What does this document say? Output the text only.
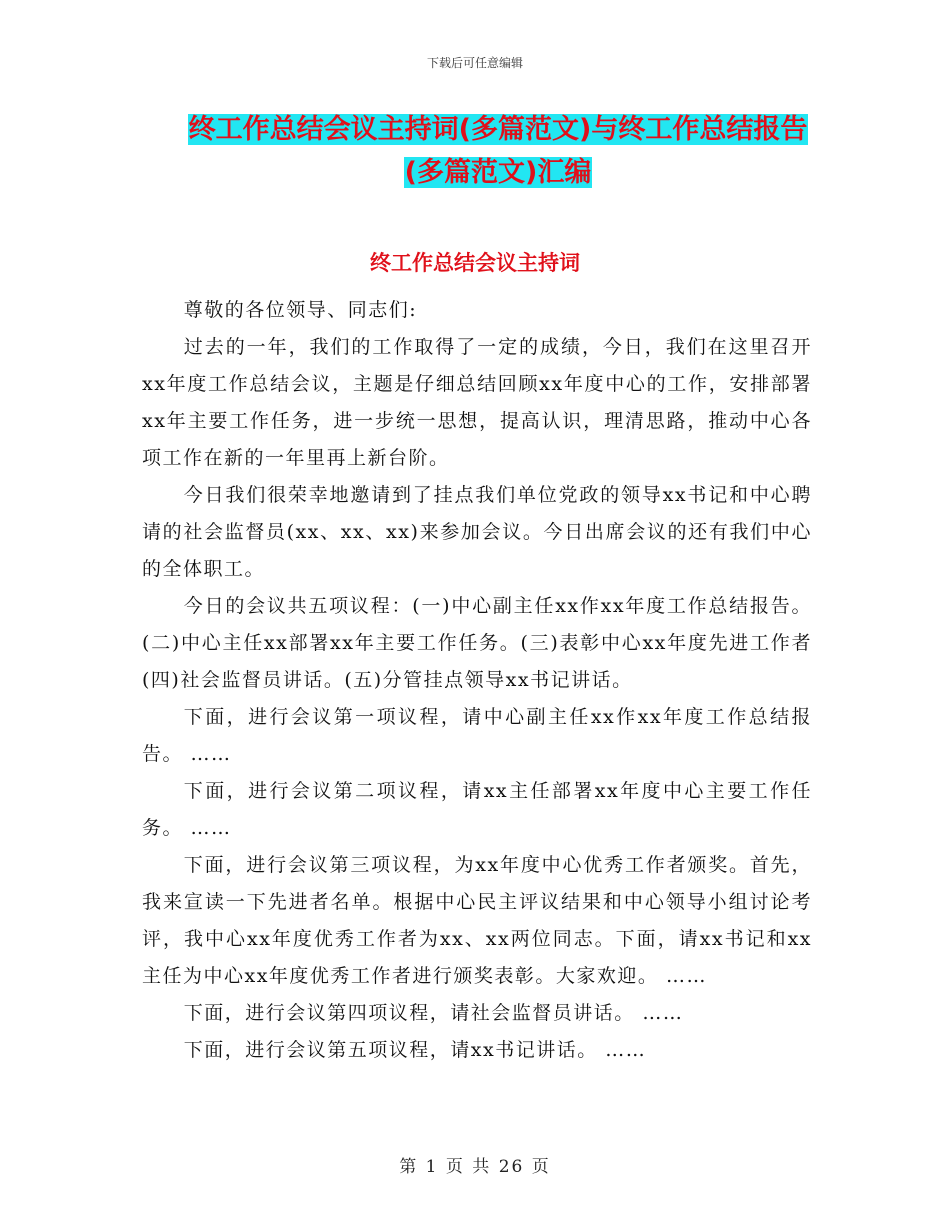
下载后可任意编辑
终工作总结会议主持词(多篇范文)与终工作总结报告
(多篇范文)汇编
终工作总结会议主持词

尊敬的各位领导、同志们:

过去的一年，我们的工作取得了一定的成绩，今日，我们在这里召开xx年度工作总结会议，主题是仔细总结回顾xx年度中心的工作，安排部署xx年主要工作任务，进一步统一思想，提高认识，理清思路，推动中心各项工作在新的一年里再上新台阶。

今日我们很荣幸地邀请到了挂点我们单位党政的领导xx书记和中心聘请的社会监督员(xx、xx、xx)来参加会议。今日出席会议的还有我们中心的全体职工。

今日的会议共五项议程：(一)中心副主任xx作xx年度工作总结报告。 (二)中心主任xx部署xx年主要工作任务。(三)表彰中心xx年度先进工作者(四)社会监督员讲话。(五)分管挂点领导xx书记讲话。

下面，进行会议第一项议程，请中心副主任xx作xx年度工作总结报告。 ……

下面，进行会议第二项议程，请xx主任部署xx年度中心主要工作任务。 ……

下面，进行会议第三项议程，为xx年度中心优秀工作者颁奖。首先，我来宣读一下先进者名单。根据中心民主评议结果和中心领导小组讨论考评，我中心xx年度优秀工作者为xx、xx两位同志。下面，请xx书记和xx主任为中心xx年度优秀工作者进行颁奖表彰。大家欢迎。 ……

下面，进行会议第四项议程，请社会监督员讲话。 ……

下面，进行会议第五项议程，请xx书记讲话。 ……

第 1 页 共 26 页
